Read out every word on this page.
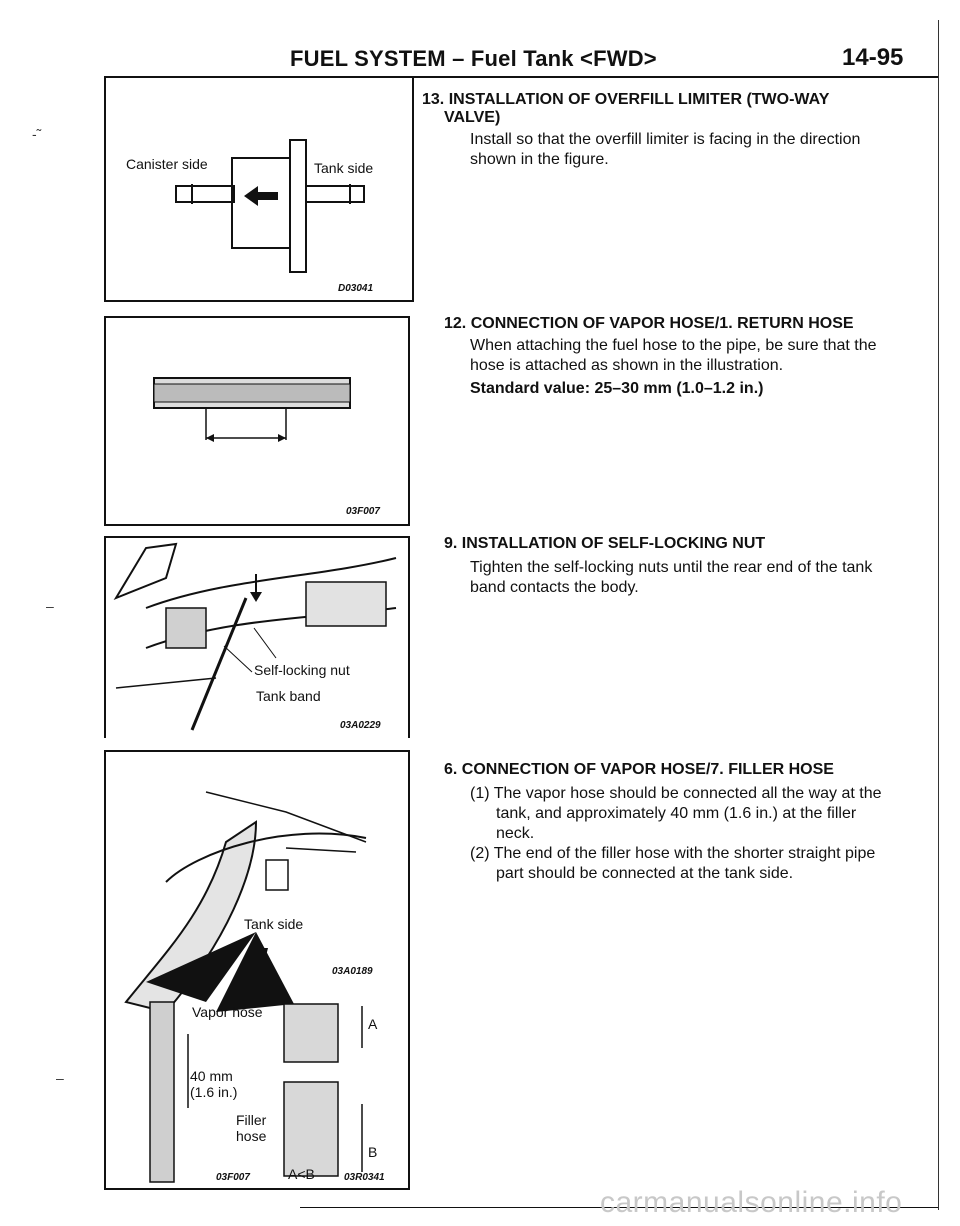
FUEL SYSTEM – Fuel Tank <FWD>	14-95
-˜
–
–
Canister side	Tank side
D03041
03F007
Self-locking nut
Tank band
03A0229
Tank side
03A0189
Vapor hose
40 mm
(1.6 in.)
Filler
hose
A
B
03F007	A<B	03R0341
13. INSTALLATION OF OVERFILL LIMITER (TWO-WAY
VALVE)
Install so that the overfill limiter is facing in the direction
shown in the figure.
12. CONNECTION OF VAPOR HOSE/1. RETURN HOSE
When attaching the fuel hose to the pipe, be sure that the
hose is attached as shown in the illustration.
Standard value: 25–30 mm (1.0–1.2 in.)
9. INSTALLATION OF SELF-LOCKING NUT
Tighten the self-locking nuts until the rear end of the tank
band contacts the body.
6. CONNECTION OF VAPOR HOSE/7. FILLER HOSE
(1) The vapor hose should be connected all the way at the
tank, and approximately 40 mm (1.6 in.) at the filler
neck.
(2) The end of the filler hose with the shorter straight pipe
part should be connected at the tank side.
carmanualsonline.info
